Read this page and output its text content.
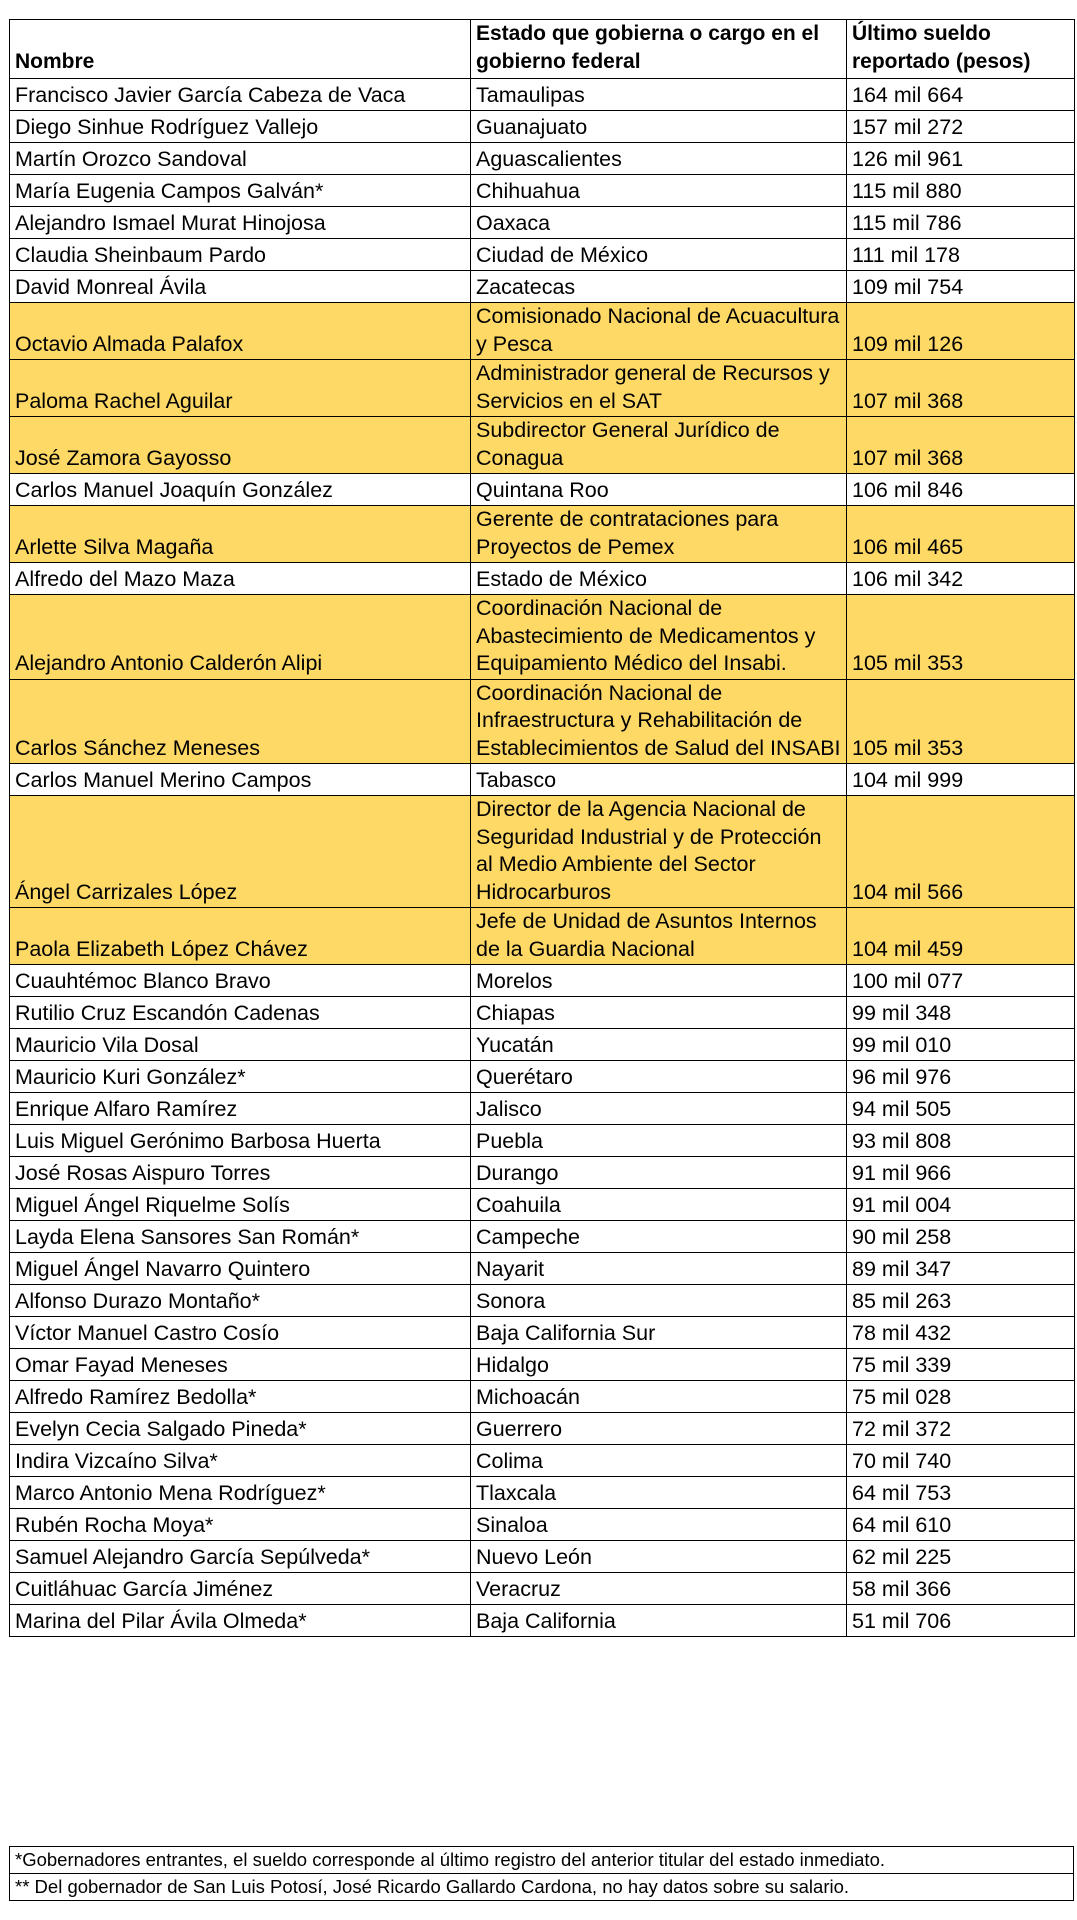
Nombre	Estado que gobierna o cargo en el gobierno federal	Último sueldo reportado (pesos)
Francisco Javier García Cabeza de Vaca	Tamaulipas	164 mil 664
Diego Sinhue Rodríguez Vallejo	Guanajuato	157 mil 272
Martín Orozco Sandoval	Aguascalientes	126 mil 961
María Eugenia Campos Galván*	Chihuahua	115 mil 880
Alejandro Ismael Murat Hinojosa	Oaxaca	115 mil 786
Claudia Sheinbaum Pardo	Ciudad de México	111 mil 178
David Monreal Ávila	Zacatecas	109 mil 754
Octavio Almada Palafox	Comisionado Nacional de Acuacultura y Pesca	109 mil 126
Paloma Rachel Aguilar	Administrador general de Recursos y Servicios en el SAT	107 mil 368
José Zamora Gayosso	Subdirector General Jurídico de Conagua	107 mil 368
Carlos Manuel Joaquín González	Quintana Roo	106 mil 846
Arlette Silva Magaña	Gerente de contrataciones para Proyectos de Pemex	106 mil 465
Alfredo del Mazo Maza	Estado de México	106 mil 342
Alejandro Antonio Calderón Alipi	Coordinación Nacional de Abastecimiento de Medicamentos y Equipamiento Médico del Insabi.	105 mil 353
Carlos Sánchez Meneses	Coordinación Nacional de Infraestructura y Rehabilitación de Establecimientos de Salud del INSABI	105 mil 353
Carlos Manuel Merino Campos	Tabasco	104 mil 999
Ángel Carrizales López	Director de la Agencia Nacional de Seguridad Industrial y de Protección al Medio Ambiente del Sector Hidrocarburos	104 mil 566
Paola Elizabeth López Chávez	Jefe de Unidad de Asuntos Internos de la Guardia Nacional	104 mil 459
Cuauhtémoc Blanco Bravo	Morelos	100 mil 077
Rutilio Cruz Escandón Cadenas	Chiapas	99 mil 348
Mauricio Vila Dosal	Yucatán	99 mil 010
Mauricio Kuri González*	Querétaro	96 mil 976
Enrique Alfaro Ramírez	Jalisco	94 mil 505
Luis Miguel Gerónimo Barbosa Huerta	Puebla	93 mil 808
José Rosas Aispuro Torres	Durango	91 mil 966
Miguel Ángel Riquelme Solís	Coahuila	91 mil 004
Layda Elena Sansores San Román*	Campeche	90 mil 258
Miguel Ángel Navarro Quintero	Nayarit	89 mil 347
Alfonso Durazo Montaño*	Sonora	85 mil 263
Víctor Manuel Castro Cosío	Baja California Sur	78 mil 432
Omar Fayad Meneses	Hidalgo	75 mil 339
Alfredo Ramírez Bedolla*	Michoacán	75 mil 028
Evelyn Cecia Salgado Pineda*	Guerrero	72 mil 372
Indira Vizcaíno Silva*	Colima	70 mil 740
Marco Antonio Mena Rodríguez*	Tlaxcala	64 mil 753
Rubén Rocha Moya*	Sinaloa	64 mil 610
Samuel Alejandro García Sepúlveda*	Nuevo León	62 mil 225
Cuitláhuac García Jiménez	Veracruz	58 mil 366
Marina del Pilar Ávila Olmeda*	Baja California	51 mil 706
*Gobernadores entrantes, el sueldo corresponde al último registro del anterior titular del estado inmediato.
** Del gobernador de San Luis Potosí, José Ricardo Gallardo Cardona, no hay datos sobre su salario.
